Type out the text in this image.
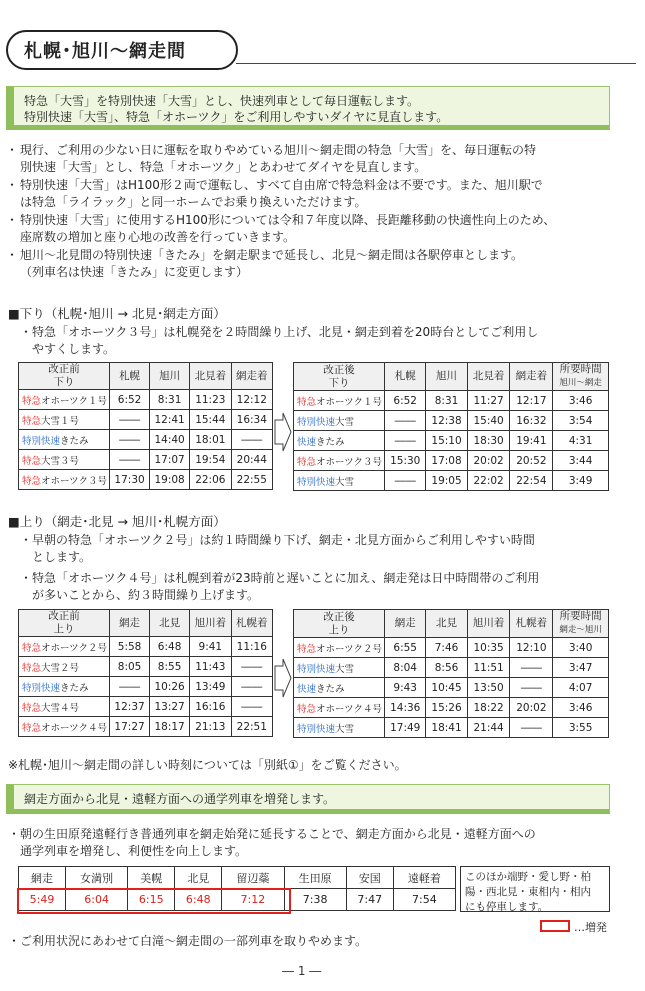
札幌･旭川～網走間
特急「大雪」を特別快速「大雪」とし、快速列車として毎日運転します。
特別快速「大雪」、特急「オホーツク」をご利用しやすいダイヤに見直します。
・ 現行、ご利用の少ない日に運転を取りやめている旭川～網走間の特急「大雪」を、毎日運転の特
別快速「大雪」とし、特急「オホーツク」とあわせてダイヤを見直します。
・ 特別快速「大雪」はH100形２両で運転し、すべて自由席で特急料金は不要です。また、旭川駅で
は特急「ライラック」と同一ホームでお乗り換えいただけます。
・ 特別快速「大雪」に使用するH100形については令和７年度以降、長距離移動の快適性向上のため、
座席数の増加と座り心地の改善を行っていきます。
・ 旭川～北見間の特別快速「きたみ」を網走駅まで延長し、北見～網走間は各駅停車とします。
（列車名は快速「きたみ」に変更します）
■下り（札幌･旭川 → 北見･網走方面）
・特急「オホーツク３号」は札幌発を２時間繰り上げ、北見・網走到着を20時台としてご利用し
　やすくします。
改正前
下り	札幌	旭川	北見着	網走着
特急オホーツク１号	6:52	8:31	11:23	12:12
特急大雪１号	――	12:41	15:44	16:34
特別快速きたみ	――	14:40	18:01	――
特急大雪３号	――	17:07	19:54	20:44
特急オホーツク３号	17:30	19:08	22:06	22:55
改正後
下り	札幌	旭川	北見着	網走着	所要時間
旭川～網走
特急オホーツク１号	6:52	8:31	11:27	12:17	3:46
特別快速大雪	――	12:38	15:40	16:32	3:54
快速きたみ	――	15:10	18:30	19:41	4:31
特急オホーツク３号	15:30	17:08	20:02	20:52	3:44
特別快速大雪	――	19:05	22:02	22:54	3:49
■上り（網走･北見 → 旭川･札幌方面）
・早朝の特急「オホーツク２号」は約１時間繰り下げ、網走・北見方面からご利用しやすい時間
　とします。
・特急「オホーツク４号」は札幌到着が23時前と遅いことに加え、網走発は日中時間帯のご利用
　が多いことから、約３時間繰り上げます。
改正前
上り	網走	北見	旭川着	札幌着
特急オホーツク２号	5:58	6:48	9:41	11:16
特急大雪２号	8:05	8:55	11:43	――
特別快速きたみ	――	10:26	13:49	――
特急大雪４号	12:37	13:27	16:16	――
特急オホーツク４号	17:27	18:17	21:13	22:51
改正後
上り	網走	北見	旭川着	札幌着	所要時間
網走～旭川
特急オホーツク２号	6:55	7:46	10:35	12:10	3:40
特別快速大雪	8:04	8:56	11:51	――	3:47
快速きたみ	9:43	10:45	13:50	――	4:07
特急オホーツク４号	14:36	15:26	18:22	20:02	3:46
特別快速大雪	17:49	18:41	21:44	――	3:55
※札幌･旭川～網走間の詳しい時刻については「別紙①」をご覧ください。
網走方面から北見・遠軽方面への通学列車を増発します。
・朝の生田原発遠軽行き普通列車を網走始発に延長することで、網走方面から北見・遠軽方面への
　通学列車を増発し、利便性を向上します。
網走	女満別	美幌	北見	留辺蘂	生田原	安国	遠軽着
5:49	6:04	6:15	6:48	7:12	7:38	7:47	7:54
このほか端野・愛し野・柏
陽・西北見・東相内・相内
にも停車します。
…増発
・ご利用状況にあわせて白滝～網走間の一部列車を取りやめます。
― 1 ―
